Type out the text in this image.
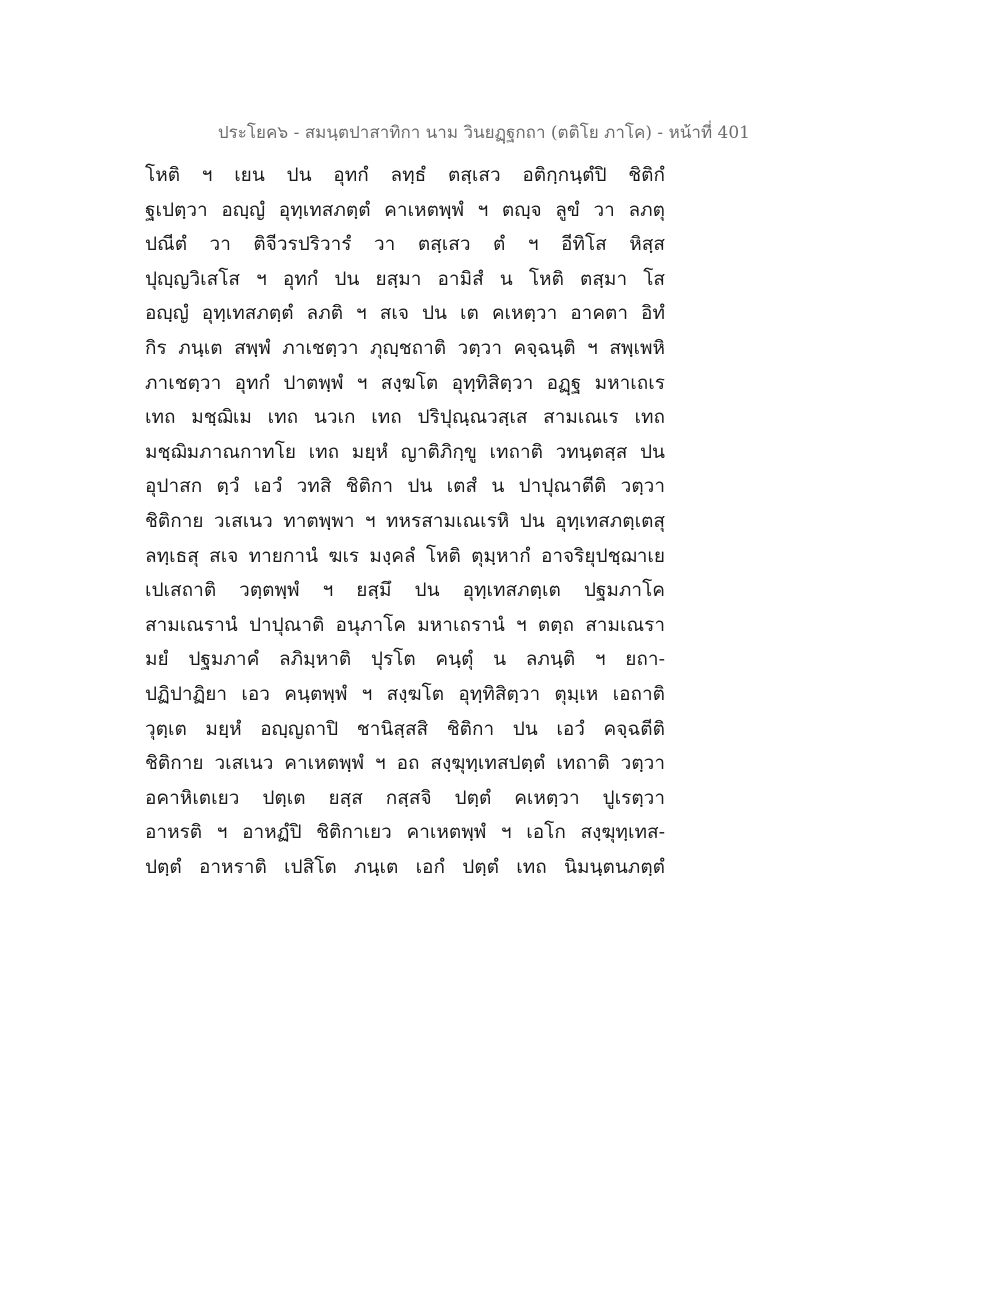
ประโยค๖ - สมนฺตปาสาทิกา นาม วินยฏฺฐกถา (ตติโย ภาโค) - หน้าที่ 401
โหติ ฯ เยน ปน อุทกํ ลทฺธํ ตสฺเสว อติกฺกนฺตํปิ ชิติกํ
ฐเปตฺวา อญฺญํ อุทฺเทสภตฺตํ คาเหตพฺพํ ฯ ตญฺจ ลูขํ วา ลภตุ
ปณีตํ วา ติจีวรปริวารํ วา ตสฺเสว ตํ ฯ อีทิโส หิสฺส
ปุญฺญวิเสโส ฯ อุทกํ ปน ยสฺมา อามิสํ น โหติ ตสฺมา โส
อญฺญํ อุทฺเทสภตฺตํ ลภติ ฯ สเจ ปน เต คเหตฺวา อาคตา อิทํ
กิร ภนฺเต สพฺพํ ภาเชตฺวา ภุญฺชถาติ วตฺวา คจฺฉนฺติ ฯ สพฺเพหิ
ภาเชตฺวา อุทกํ ปาตพฺพํ ฯ สงฺฆโต อุทฺทิสิตฺวา อฏฺฐ มหาเถเร
เทถ มชฺฌิเม เทถ นวเก เทถ ปริปุณฺณวสฺเส สามเณเร เทถ
มชฺฌิมภาณกาทโย เทถ มยฺหํ ญาติภิกฺขู เทถาติ วทนฺตสฺส ปน
อุปาสก ตฺวํ เอวํ วทสิ ชิติกา ปน เตสํ น ปาปุณาตีติ วตฺวา
ชิติกาย วเสเนว ทาตพฺพา ฯ ทหรสามเณเรหิ ปน อุทฺเทสภตฺเตสุ
ลทฺเธสุ สเจ ทายกานํ ฆเร มงฺคลํ โหติ ตุมฺหากํ อาจริยุปชฺฌาเย
เปเสถาติ วตฺตพฺพํ ฯ ยสฺมึ ปน อุทฺเทสภตฺเต ปฐมภาโค
สามเณรานํ ปาปุณาติ อนุภาโค มหาเถรานํ ฯ ตตฺถ สามเณรา
มยํ ปฐมภาคํ ลภิมฺหาติ ปุรโต คนฺตุํ น ลภนฺติ ฯ ยถา-
ปฏิปาฏิยา เอว คนฺตพฺพํ ฯ สงฺฆโต อุทฺทิสิตฺวา ตุมฺเห เอถาติ
วุตฺเต มยฺหํ อญฺญถาปิ ชานิสฺสสิ ชิติกา ปน เอวํ คจฺฉตีติ
ชิติกาย วเสเนว คาเหตพฺพํ ฯ อถ สงฺฆุทฺเทสปตฺตํ เทถาติ วตฺวา
อคาหิเตเยว ปตฺเต ยสฺส กสฺสจิ ปตฺตํ คเหตฺวา ปูเรตฺวา
อาหรติ ฯ อาหฏํปิ ชิติกาเยว คาเหตพฺพํ ฯ เอโก สงฺฆุทฺเทส-
ปตฺตํ อาหราติ เปสิโต ภนฺเต เอกํ ปตฺตํ เทถ นิมนฺตนภตฺตํ
